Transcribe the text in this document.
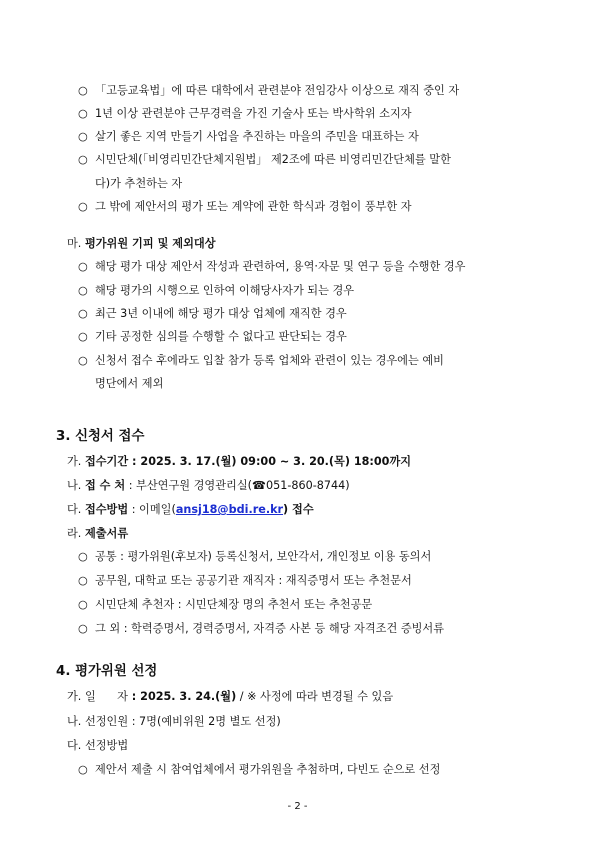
○ 「고등교육법」에 따른 대학에서 관련분야 전임강사 이상으로 재직 중인 자
○ 1년 이상 관련분야 근무경력을 가진 기술사 또는 박사학위 소지자
○ 살기 좋은 지역 만들기 사업을 추진하는 마을의 주민을 대표하는 자
○ 시민단체(「비영리민간단체지원법」 제2조에 따른 비영리민간단체를 말한
다)가 추천하는 자
○ 그 밖에 제안서의 평가 또는 계약에 관한 학식과 경험이 풍부한 자
마. 평가위원 기피 및 제외대상
○ 해당 평가 대상 제안서 작성과 관련하여, 용역·자문 및 연구 등을 수행한 경우
○ 해당 평가의 시행으로 인하여 이해당사자가 되는 경우
○ 최근 3년 이내에 해당 평가 대상 업체에 재직한 경우
○ 기타 공정한 심의를 수행할 수 없다고 판단되는 경우
○ 신청서 접수 후에라도 입찰 참가 등록 업체와 관련이 있는 경우에는 예비
명단에서 제외
3. 신청서 접수
가. 접수기간 : 2025. 3. 17.(월) 09:00 ~ 3. 20.(목) 18:00까지
나. 접 수 처 : 부산연구원 경영관리실(☎051-860-8744)
다. 접수방법 : 이메일(ansj18@bdi.re.kr) 접수
라. 제출서류
○ 공통 : 평가위원(후보자) 등록신청서, 보안각서, 개인정보 이용 동의서
○ 공무원, 대학교 또는 공공기관 재직자 : 재직증명서 또는 추천문서
○ 시민단체 추천자 : 시민단체장 명의 추천서 또는 추천공문
○ 그 외 : 학력증명서, 경력증명서, 자격증 사본 등 해당 자격조건 증빙서류
4. 평가위원 선정
가. 일      자 : 2025. 3. 24.(월) / ※ 사정에 따라 변경될 수 있음
나. 선정인원 : 7명(예비위원 2명 별도 선정)
다. 선정방법
○ 제안서 제출 시 참여업체에서 평가위원을 추첨하며, 다빈도 순으로 선정
- 2 -
